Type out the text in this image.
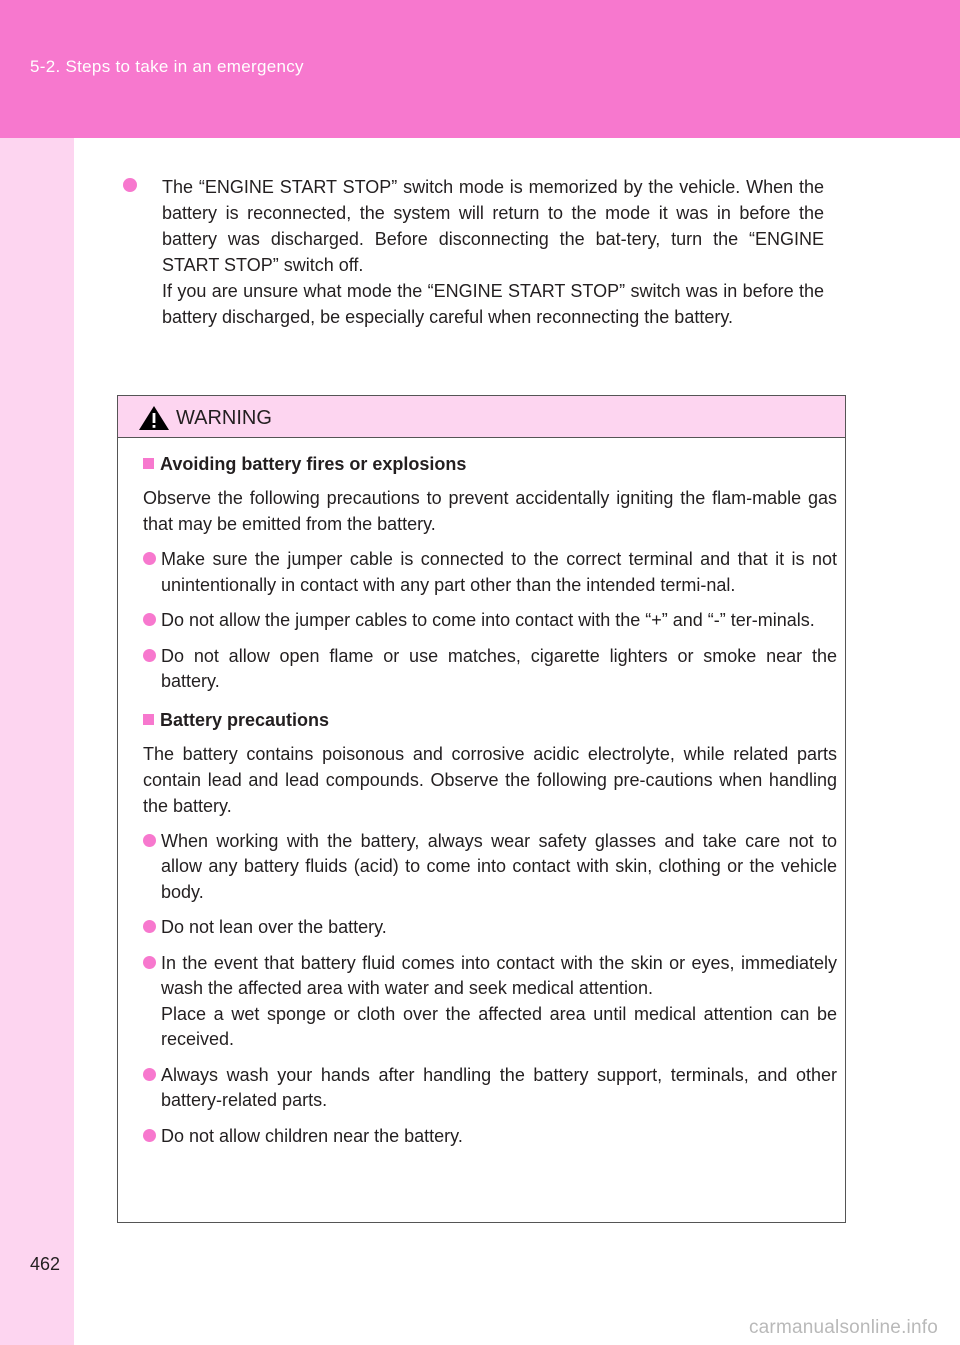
5-2. Steps to take in an emergency

The “ENGINE START STOP” switch mode is memorized by the vehicle. When the battery is reconnected, the system will return to the mode it was in before the battery was discharged. Before disconnecting the bat-tery, turn the “ENGINE START STOP” switch off.

If you are unsure what mode the “ENGINE START STOP” switch was in before the battery discharged, be especially careful when reconnecting the battery.

WARNING
Avoiding battery fires or explosions
Observe the following precautions to prevent accidentally igniting the flam-mable gas that may be emitted from the battery.
Make sure the jumper cable is connected to the correct terminal and that it is not unintentionally in contact with any part other than the intended termi-nal.
Do not allow the jumper cables to come into contact with the “+” and “-” ter-minals.
Do not allow open flame or use matches, cigarette lighters or smoke near the battery.
Battery precautions
The battery contains poisonous and corrosive acidic electrolyte, while related parts contain lead and lead compounds. Observe the following pre-cautions when handling the battery.
When working with the battery, always wear safety glasses and take care not to allow any battery fluids (acid) to come into contact with skin, clothing or the vehicle body.
Do not lean over the battery.
In the event that battery fluid comes into contact with the skin or eyes, immediately wash the affected area with water and seek medical attention.
Place a wet sponge or cloth over the affected area until medical attention can be received.
Always wash your hands after handling the battery support, terminals, and other battery-related parts.
Do not allow children near the battery.
462
carmanualsonline.info
